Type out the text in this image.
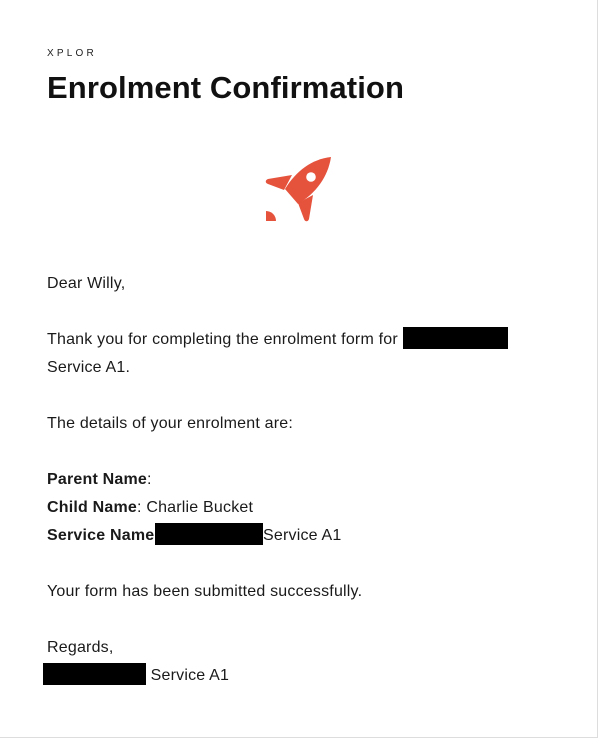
XPLOR
Enrolment Confirmation
Dear Willy,
Thank you for completing the enrolment form for
Service A1.
The details of your enrolment are:
Parent Name:
Child Name: Charlie Bucket
Service Name	Service A1
Your form has been submitted successfully.
Regards,
Service A1
